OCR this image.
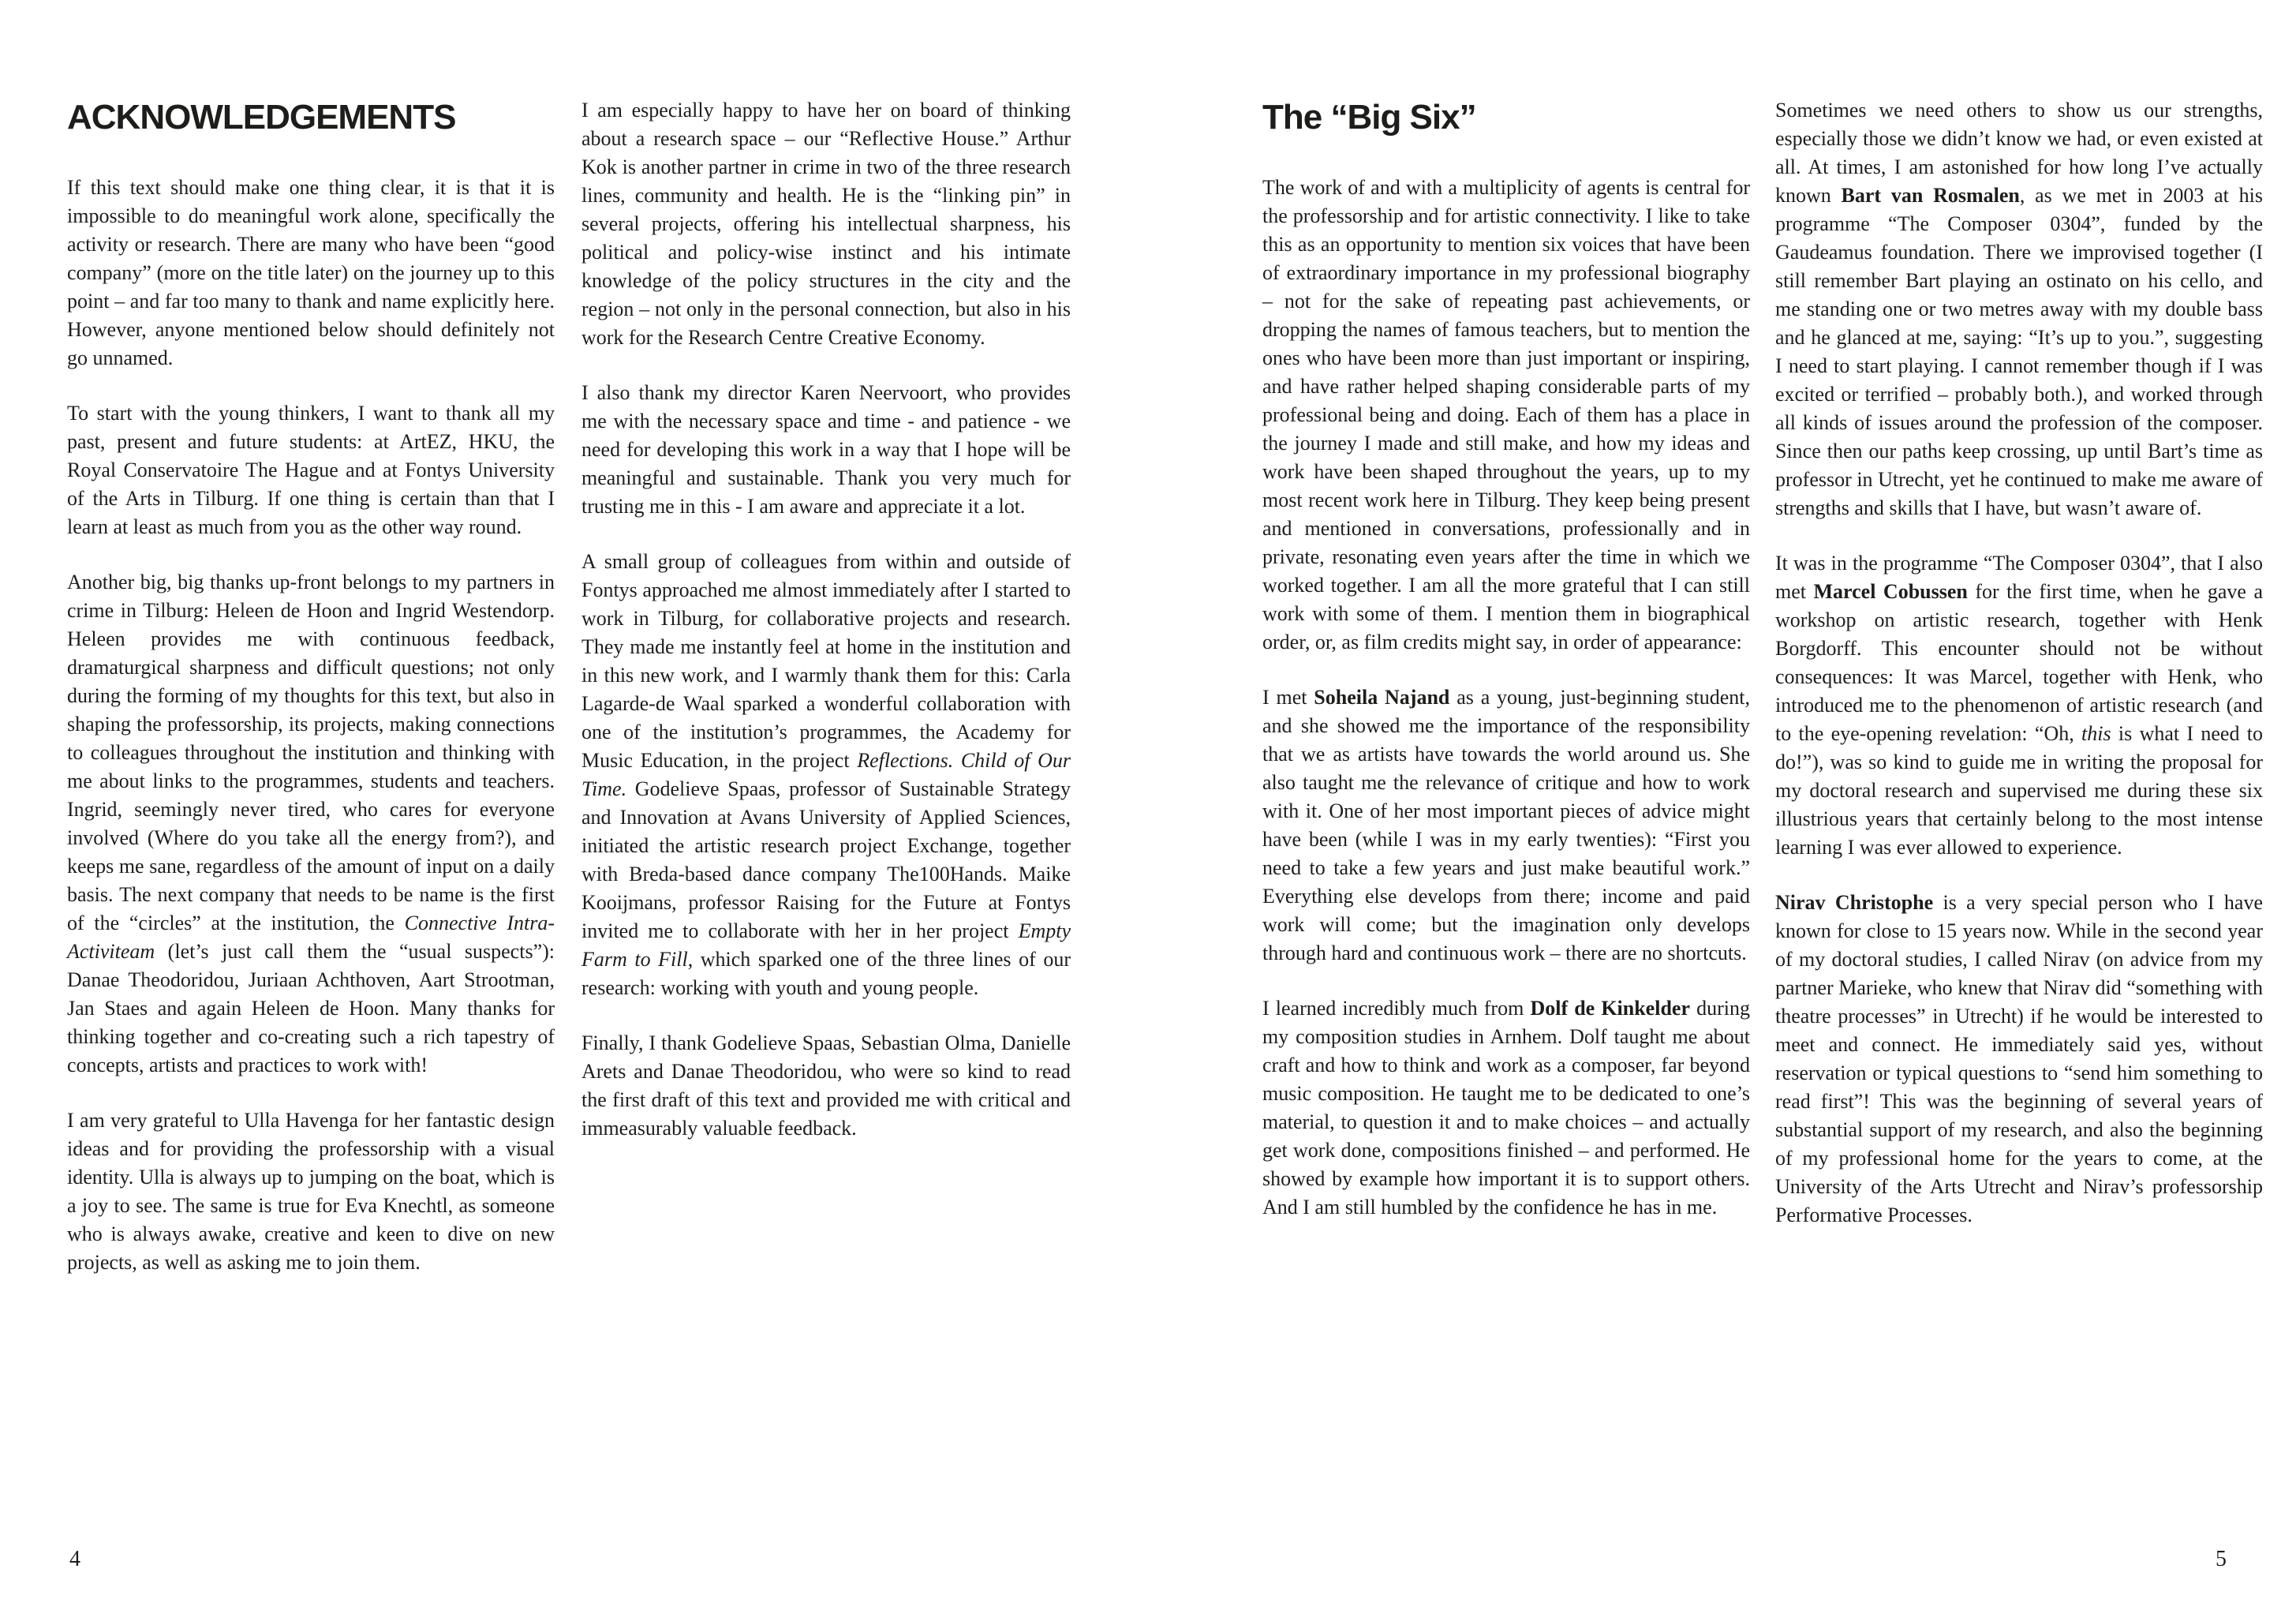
ACKNOWLEDGEMENTS

If this text should make one thing clear, it is that it is impossible to do meaningful work alone, specifically the activity or research. There are many who have been “good company” (more on the title later) on the journey up to this point – and far too many to thank and name explicitly here. However, anyone mentioned below should definitely not go unnamed.

To start with the young thinkers, I want to thank all my past, present and future students: at ArtEZ, HKU, the Royal Conservatoire The Hague and at Fontys University of the Arts in Tilburg. If one thing is certain than that I learn at least as much from you as the other way round.

Another big, big thanks up-front belongs to my partners in crime in Tilburg: Heleen de Hoon and Ingrid Westendorp. Heleen provides me with continuous feedback, dramaturgical sharpness and difficult questions; not only during the forming of my thoughts for this text, but also in shaping the professorship, its projects, making connections to colleagues throughout the institution and thinking with me about links to the programmes, students and teachers. Ingrid, seemingly never tired, who cares for everyone involved (Where do you take all the energy from?), and keeps me sane, regardless of the amount of input on a daily basis. The next company that needs to be name is the first of the “circles” at the institution, the Connective Intra-Activiteam (let’s just call them the “usual suspects”): Danae Theodoridou, Juriaan Achthoven, Aart Strootman, Jan Staes and again Heleen de Hoon. Many thanks for thinking together and co-creating such a rich tapestry of concepts, artists and practices to work with!

I am very grateful to Ulla Havenga for her fantastic design ideas and for providing the professorship with a visual identity. Ulla is always up to jumping on the boat, which is a joy to see. The same is true for Eva Knechtl, as someone who is always awake, creative and keen to dive on new projects, as well as asking me to join them.

I am especially happy to have her on board of thinking about a research space – our “Reflective House.” Arthur Kok is another partner in crime in two of the three research lines, community and health. He is the “linking pin” in several projects, offering his intellectual sharpness, his political and policy-wise instinct and his intimate knowledge of the policy structures in the city and the region – not only in the personal connection, but also in his work for the Research Centre Creative Economy.

I also thank my director Karen Neervoort, who provides me with the necessary space and time - and patience - we need for developing this work in a way that I hope will be meaningful and sustainable. Thank you very much for trusting me in this - I am aware and appreciate it a lot.

A small group of colleagues from within and outside of Fontys approached me almost immediately after I started to work in Tilburg, for collaborative projects and research. They made me instantly feel at home in the institution and in this new work, and I warmly thank them for this: Carla Lagarde-de Waal sparked a wonderful collaboration with one of the institution’s programmes, the Academy for Music Education, in the project Reflections. Child of Our Time. Godelieve Spaas, professor of Sustainable Strategy and Innovation at Avans University of Applied Sciences, initiated the artistic research project Exchange, together with Breda-based dance company The100Hands. Maike Kooijmans, professor Raising for the Future at Fontys invited me to collaborate with her in her project Empty Farm to Fill, which sparked one of the three lines of our research: working with youth and young people.

Finally, I thank Godelieve Spaas, Sebastian Olma, Danielle Arets and Danae Theodoridou, who were so kind to read the first draft of this text and provided me with critical and immeasurably valuable feedback.

4
The “Big Six”

The work of and with a multiplicity of agents is central for the professorship and for artistic connectivity. I like to take this as an opportunity to mention six voices that have been of extraordinary importance in my professional biography – not for the sake of repeating past achievements, or dropping the names of famous teachers, but to mention the ones who have been more than just important or inspiring, and have rather helped shaping considerable parts of my professional being and doing. Each of them has a place in the journey I made and still make, and how my ideas and work have been shaped throughout the years, up to my most recent work here in Tilburg. They keep being present and mentioned in conversations, professionally and in private, resonating even years after the time in which we worked together. I am all the more grateful that I can still work with some of them. I mention them in biographical order, or, as film credits might say, in order of appearance:

I met Soheila Najand as a young, just-beginning student, and she showed me the importance of the responsibility that we as artists have towards the world around us. She also taught me the relevance of critique and how to work with it. One of her most important pieces of advice might have been (while I was in my early twenties): “First you need to take a few years and just make beautiful work.” Everything else develops from there; income and paid work will come; but the imagination only develops through hard and continuous work – there are no shortcuts.

I learned incredibly much from Dolf de Kinkelder during my composition studies in Arnhem. Dolf taught me about craft and how to think and work as a composer, far beyond music composition. He taught me to be dedicated to one’s material, to question it and to make choices – and actually get work done, compositions finished – and performed. He showed by example how important it is to support others. And I am still humbled by the confidence he has in me.

Sometimes we need others to show us our strengths, especially those we didn’t know we had, or even existed at all. At times, I am astonished for how long I’ve actually known Bart van Rosmalen, as we met in 2003 at his programme “The Composer 0304”, funded by the Gaudeamus foundation. There we improvised together (I still remember Bart playing an ostinato on his cello, and me standing one or two metres away with my double bass and he glanced at me, saying: “It’s up to you.”, suggesting I need to start playing. I cannot remember though if I was excited or terrified – probably both.), and worked through all kinds of issues around the profession of the composer. Since then our paths keep crossing, up until Bart’s time as professor in Utrecht, yet he continued to make me aware of strengths and skills that I have, but wasn’t aware of.

It was in the programme “The Composer 0304”, that I also met Marcel Cobussen for the first time, when he gave a workshop on artistic research, together with Henk Borgdorff. This encounter should not be without consequences: It was Marcel, together with Henk, who introduced me to the phenomenon of artistic research (and to the eye-opening revelation: “Oh, this is what I need to do!”), was so kind to guide me in writing the proposal for my doctoral research and supervised me during these six illustrious years that certainly belong to the most intense learning I was ever allowed to experience.

Nirav Christophe is a very special person who I have known for close to 15 years now. While in the second year of my doctoral studies, I called Nirav (on advice from my partner Marieke, who knew that Nirav did “something with theatre processes” in Utrecht) if he would be interested to meet and connect. He immediately said yes, without reservation or typical questions to “send him something to read first”! This was the beginning of several years of substantial support of my research, and also the beginning of my professional home for the years to come, at the University of the Arts Utrecht and Nirav’s professorship Performative Processes.

5
